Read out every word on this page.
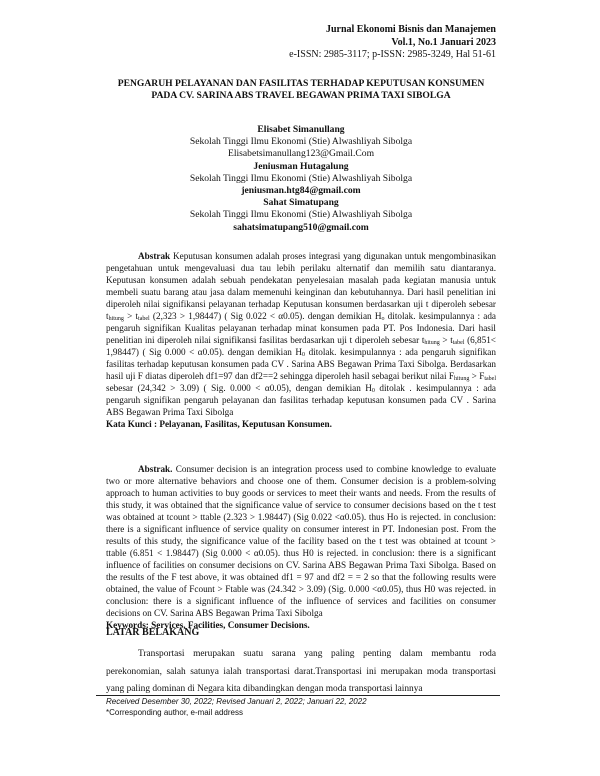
Jurnal Ekonomi Bisnis dan Manajemen
Vol.1, No.1 Januari 2023
e-ISSN: 2985-3117; p-ISSN: 2985-3249, Hal 51-61
PENGARUH PELAYANAN DAN FASILITAS TERHADAP KEPUTUSAN KONSUMEN PADA CV. SARINA ABS TRAVEL BEGAWAN PRIMA TAXI SIBOLGA
Elisabet Simanullang
Sekolah Tinggi Ilmu Ekonomi (Stie) Alwashliyah Sibolga
Elisabetsimanullang123@Gmail.Com
Jeniusman Hutagalung
Sekolah Tinggi Ilmu Ekonomi (Stie) Alwashliyah Sibolga
jeniusman.htg84@gmail.com
Sahat Simatupang
Sekolah Tinggi Ilmu Ekonomi (Stie) Alwashliyah Sibolga
sahatsimatupang510@gmail.com
Abstrak Keputusan konsumen adalah proses integrasi yang digunakan untuk mengombinasikan pengetahuan untuk mengevaluasi dua tau lebih perilaku alternatif dan memilih satu diantaranya. Keputusan konsumen adalah sebuah pendekatan penyelesaian masalah pada kegiatan manusia untuk membeli suatu barang atau jasa dalam memenuhi keinginan dan kebutuhannya. Dari hasil penelitian ini diperoleh nilai signifikansi pelayanan terhadap Keputusan konsumen berdasarkan uji t diperoleh sebesar $t_{hitung} > t_{tabel}$ (2,323 > 1,98447) ( Sig 0.022 < α0.05). dengan demikian $H_o$ ditolak. kesimpulannya : ada pengaruh signifikan Kualitas pelayanan terhadap minat konsumen pada PT. Pos Indonesia. Dari hasil penelitian ini diperoleh nilai signifikansi fasilitas berdasarkan uji t diperoleh sebesar $t_{hitung} > t_{tabel}$ (6,851< 1,98447) ( Sig 0.000 < α0.05). dengan demikian $H_0$ ditolak. kesimpulannya : ada pengaruh signifikan fasilitas terhadap keputusan konsumen pada CV . Sarina ABS Begawan Prima Taxi Sibolga. Berdasarkan hasil uji F diatas diperoleh df1=97 dan df2==2 sehingga diperoleh hasil sebagai berikut nilai $F_{hitung} > F_{tabel}$ sebesar (24,342 > 3.09) ( Sig. 0.000 < α0.05), dengan demikian $H_0$ ditolak . kesimpulannya : ada pengaruh signifikan pengaruh pelayanan dan fasilitas terhadap keputusan konsumen pada CV . Sarina ABS Begawan Prima Taxi Sibolga
Kata Kunci : Pelayanan, Fasilitas, Keputusan Konsumen.
Abstrak. Consumer decision is an integration process used to combine knowledge to evaluate two or more alternative behaviors and choose one of them. Consumer decision is a problem-solving approach to human activities to buy goods or services to meet their wants and needs. From the results of this study, it was obtained that the significance value of service to consumer decisions based on the t test was obtained at tcount > ttable (2.323 > 1.98447) (Sig 0.022 <α0.05). thus Ho is rejected. in conclusion: there is a significant influence of service quality on consumer interest in PT. Indonesian post. From the results of this study, the significance value of the facility based on the t test was obtained at tcount > ttable (6.851 < 1.98447) (Sig 0.000 < α0.05). thus H0 is rejected. in conclusion: there is a significant influence of facilities on consumer decisions on CV. Sarina ABS Begawan Prima Taxi Sibolga. Based on the results of the F test above, it was obtained df1 = 97 and df2 = = 2 so that the following results were obtained, the value of Fcount > Ftable was (24.342 > 3.09) (Sig. 0.000 <α0.05), thus H0 was rejected. in conclusion: there is a significant influence of the influence of services and facilities on consumer decisions on CV. Sarina ABS Begawan Prima Taxi Sibolga
Keywords: Services, Facilities, Consumer Decisions.
LATAR BELAKANG
Transportasi merupakan suatu sarana yang paling penting dalam membantu roda perekonomian, salah satunya ialah transportasi darat.Transportasi ini merupakan moda transportasi yang paling dominan di Negara kita dibandingkan dengan moda transportasi lainnya
Received Desember 30, 2022; Revised Januari 2, 2022; Januari 22, 2022
*Corresponding author, e-mail address
